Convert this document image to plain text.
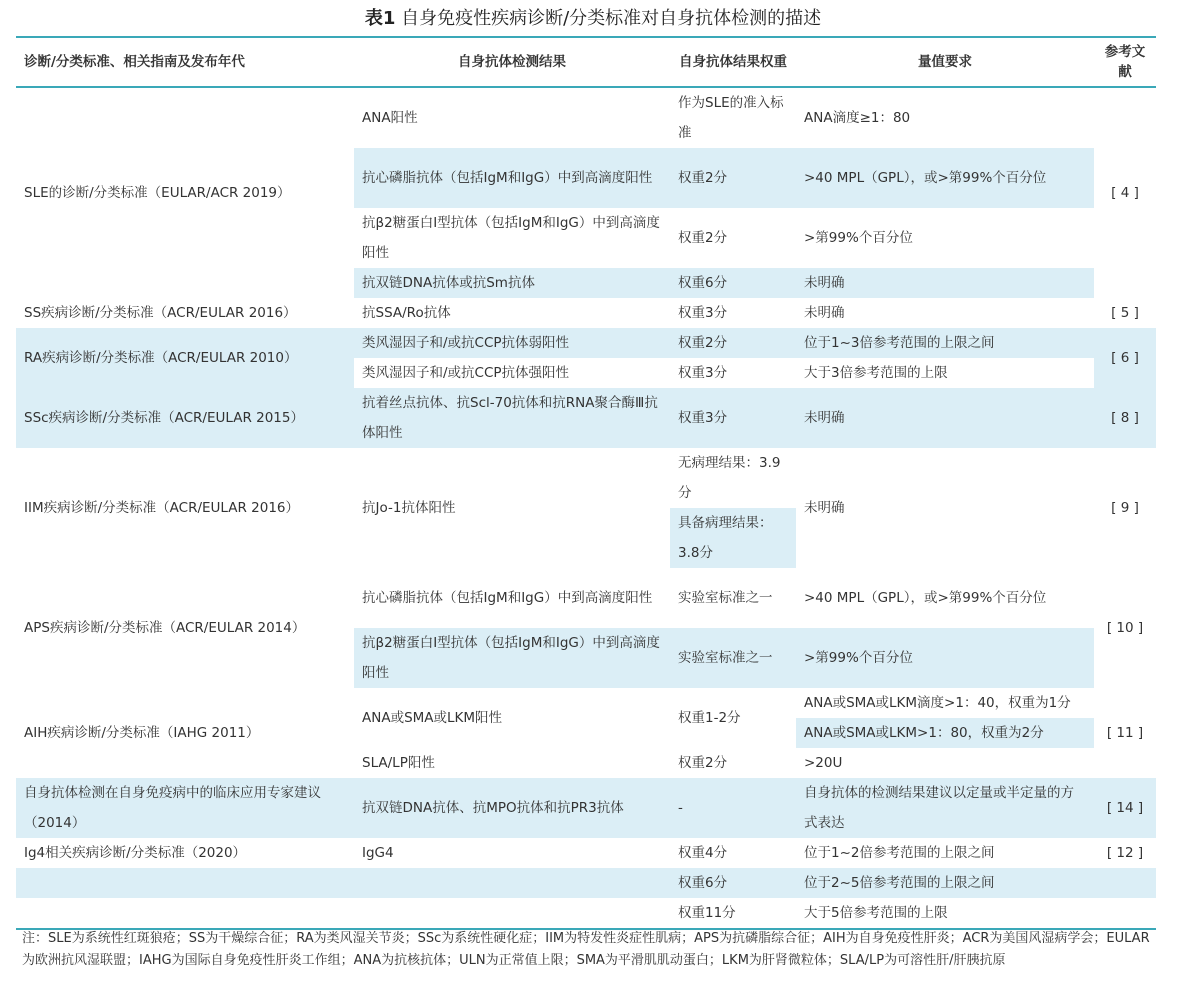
表1 自身免疫性疾病诊断/分类标准对自身抗体检测的描述
诊断/分类标准、相关指南及发布年代	自身抗体检测结果	自身抗体结果权重	量值要求	参考文献
SLE的诊断/分类标准（EULAR/ACR 2019）	ANA阳性	作为SLE的准入标准	ANA滴度≥1：80	[ 4 ]
	抗心磷脂抗体（包括IgM和IgG）中到高滴度阳性	权重2分	>40 MPL（GPL），或>第99%个百分位	
	抗β2糖蛋白Ⅰ型抗体（包括IgM和IgG）中到高滴度阳性	权重2分	>第99%个百分位	
	抗双链DNA抗体或抗Sm抗体	权重6分	未明确	
SS疾病诊断/分类标准（ACR/EULAR 2016）	抗SSA/Ro抗体	权重3分	未明确	[ 5 ]
RA疾病诊断/分类标准（ACR/EULAR 2010）	类风湿因子和/或抗CCP抗体弱阳性	权重2分	位于1~3倍参考范围的上限之间	[ 6 ]
	类风湿因子和/或抗CCP抗体强阳性	权重3分	大于3倍参考范围的上限	
SSc疾病诊断/分类标准（ACR/EULAR 2015）	抗着丝点抗体、抗Scl-70抗体和抗RNA聚合酶Ⅲ抗体阳性	权重3分	未明确	[ 8 ]
IIM疾病诊断/分类标准（ACR/EULAR 2016）	抗Jo-1抗体阳性	无病理结果：3.9分	未明确	[ 9 ]
		具备病理结果：3.8分		
APS疾病诊断/分类标准（ACR/EULAR 2014）	抗心磷脂抗体（包括IgM和IgG）中到高滴度阳性	实验室标准之一	>40 MPL（GPL），或>第99%个百分位	[ 10 ]
	抗β2糖蛋白Ⅰ型抗体（包括IgM和IgG）中到高滴度阳性	实验室标准之一	>第99%个百分位	
AIH疾病诊断/分类标准（IAHG 2011）	ANA或SMA或LKM阳性	权重1-2分	ANA或SMA或LKM滴度>1：40，权重为1分	[ 11 ]
			ANA或SMA或LKM>1：80，权重为2分	
	SLA/LP阳性	权重2分	>20U	
自身抗体检测在自身免疫病中的临床应用专家建议（2014）	抗双链DNA抗体、抗MPO抗体和抗PR3抗体	-	自身抗体的检测结果建议以定量或半定量的方式表达	[ 14 ]
Ig4相关疾病诊断/分类标准（2020）	IgG4	权重4分	位于1~2倍参考范围的上限之间	[ 12 ]
		权重6分	位于2~5倍参考范围的上限之间	
		权重11分	大于5倍参考范围的上限	
注：SLE为系统性红斑狼疮；SS为干燥综合征；RA为类风湿关节炎；SSc为系统性硬化症；IIM为特发性炎症性肌病；APS为抗磷脂综合征；AIH为自身免疫性肝炎；ACR为美国风湿病学会；EULAR为欧洲抗风湿联盟；IAHG为国际自身免疫性肝炎工作组；ANA为抗核抗体；ULN为正常值上限；SMA为平滑肌肌动蛋白；LKM为肝肾微粒体；SLA/LP为可溶性肝/肝胰抗原
